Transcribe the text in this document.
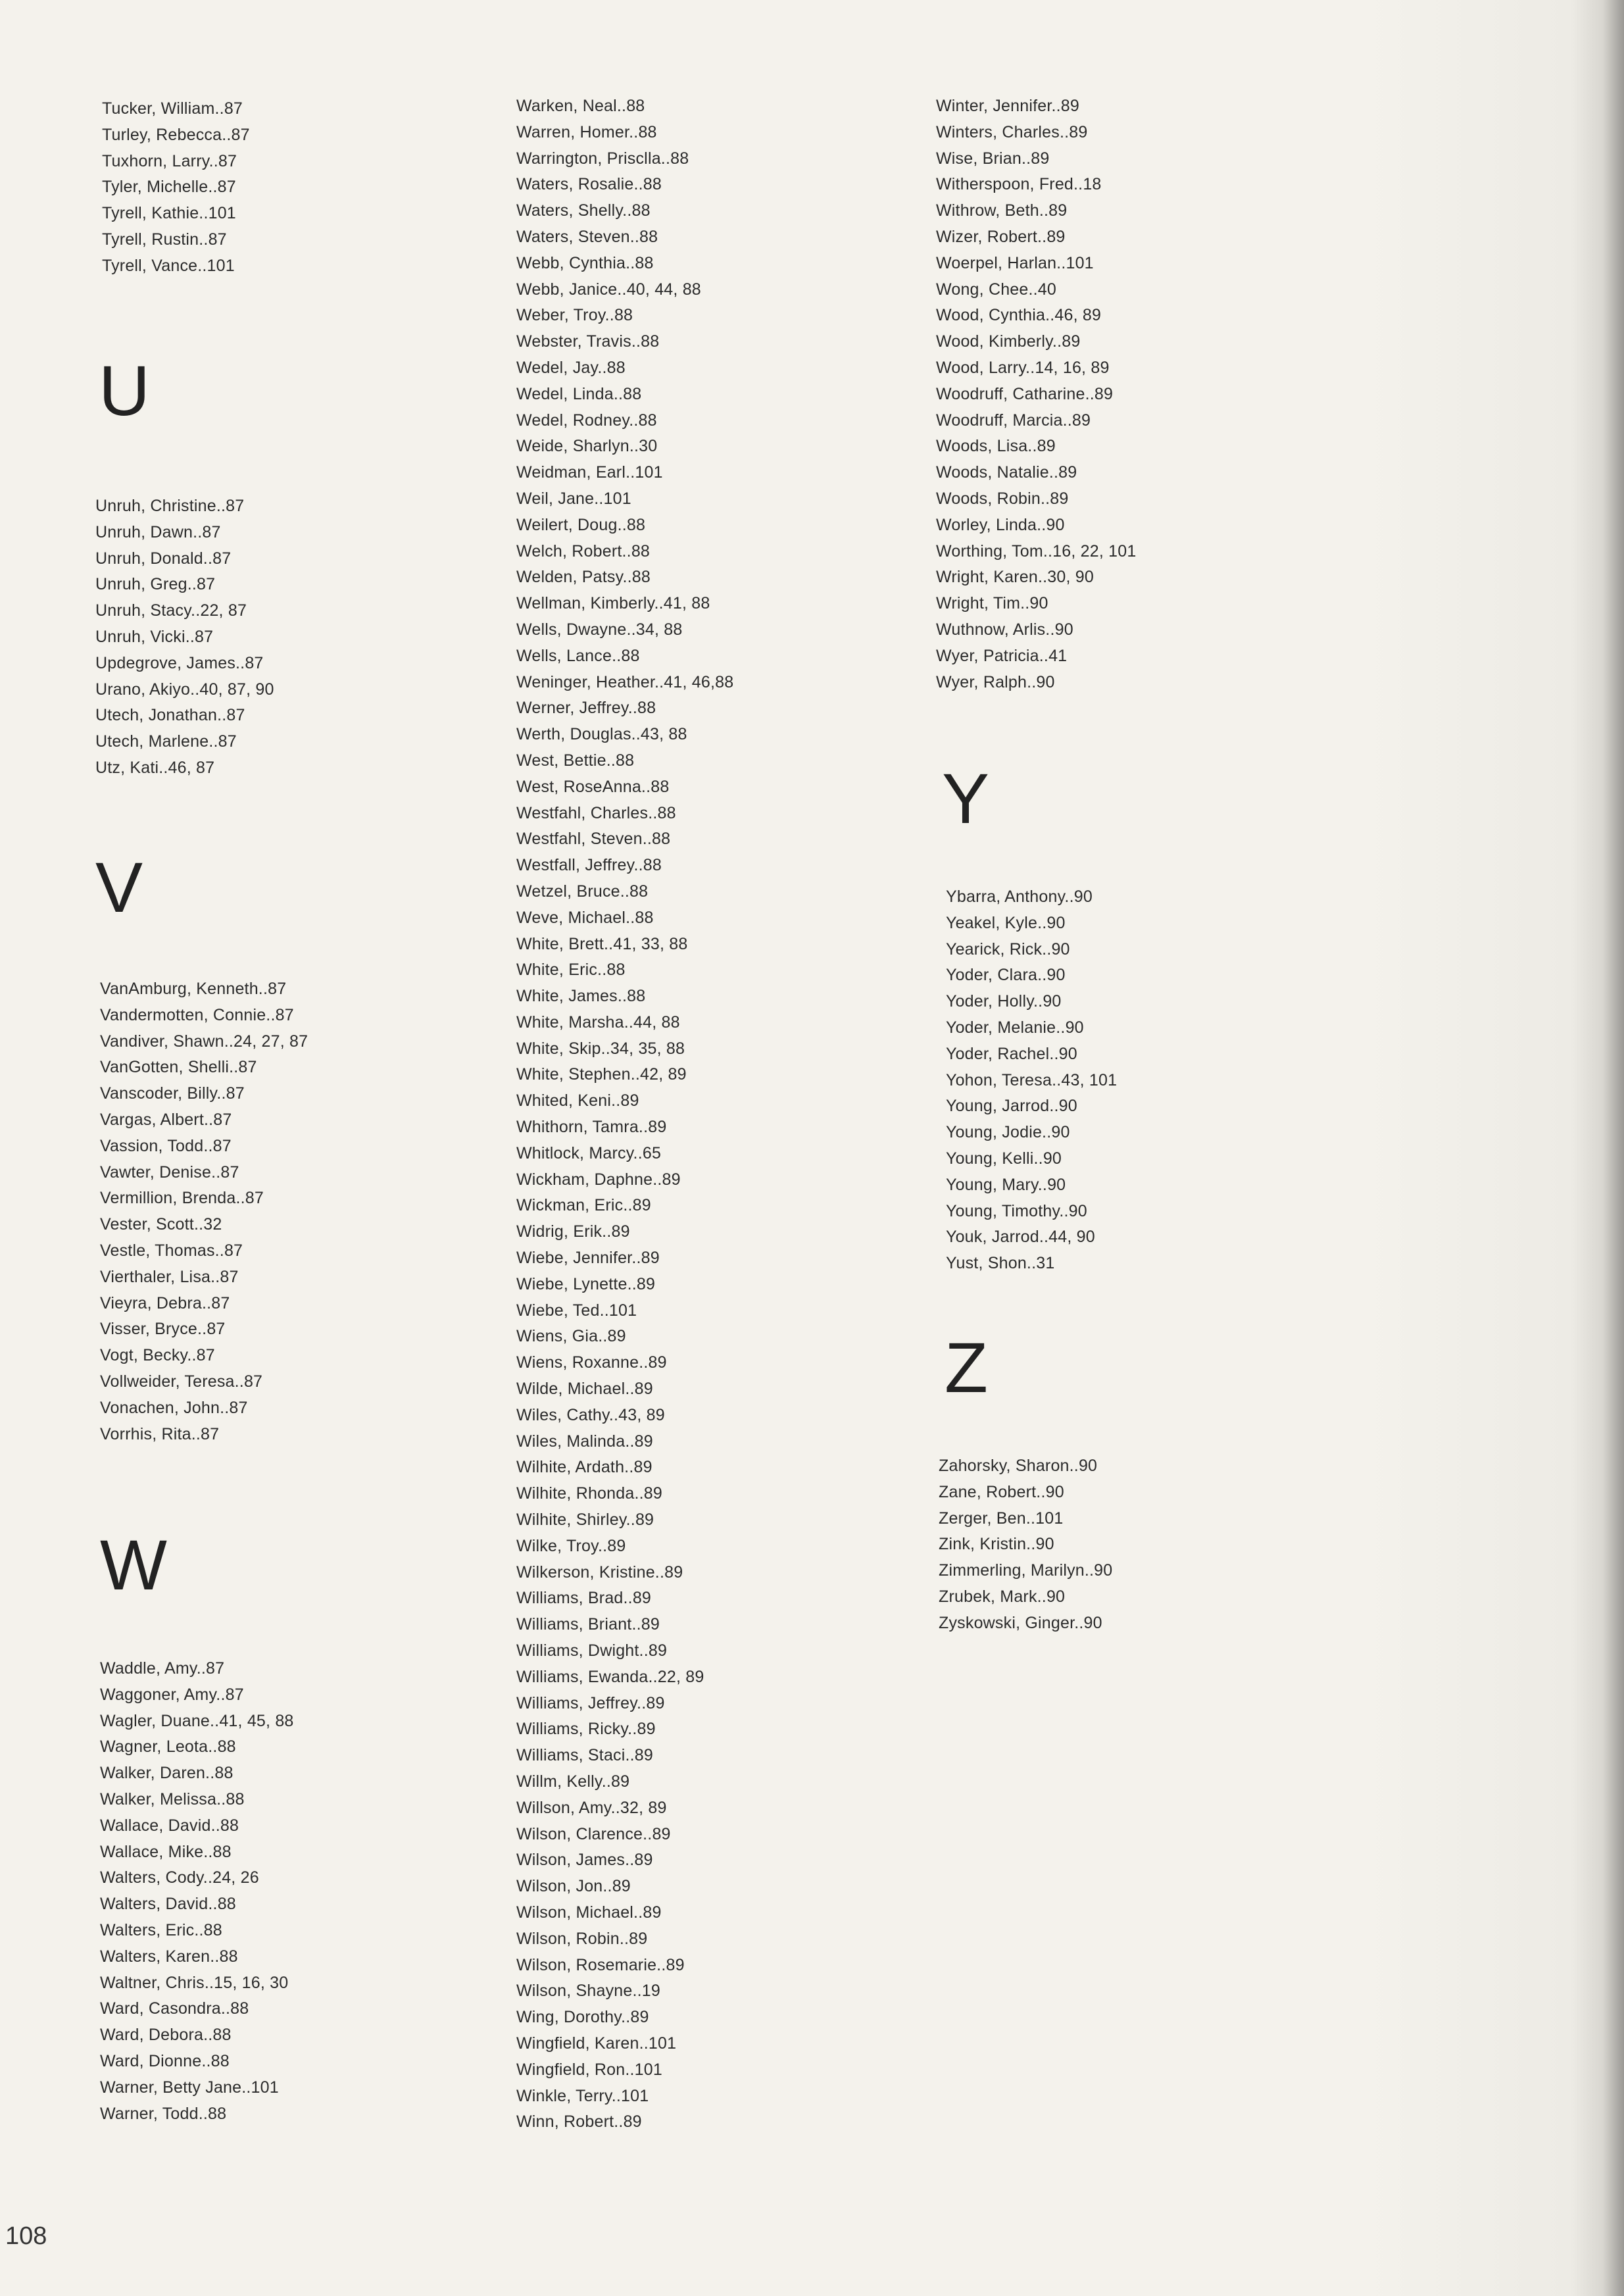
Tucker, William..87
Turley, Rebecca..87
Tuxhorn, Larry..87
Tyler, Michelle..87
Tyrell, Kathie..101
Tyrell, Rustin..87
Tyrell, Vance..101
U
Unruh, Christine..87
Unruh, Dawn..87
Unruh, Donald..87
Unruh, Greg..87
Unruh, Stacy..22, 87
Unruh, Vicki..87
Updegrove, James..87
Urano, Akiyo..40, 87, 90
Utech, Jonathan..87
Utech, Marlene..87
Utz, Kati..46, 87
V
VanAmburg, Kenneth..87
Vandermotten, Connie..87
Vandiver, Shawn..24, 27, 87
VanGotten, Shelli..87
Vanscoder, Billy..87
Vargas, Albert..87
Vassion, Todd..87
Vawter, Denise..87
Vermillion, Brenda..87
Vester, Scott..32
Vestle, Thomas..87
Vierthaler, Lisa..87
Vieyra, Debra..87
Visser, Bryce..87
Vogt, Becky..87
Vollweider, Teresa..87
Vonachen, John..87
Vorrhis, Rita..87
W
Waddle, Amy..87
Waggoner, Amy..87
Wagler, Duane..41, 45, 88
Wagner, Leota..88
Walker, Daren..88
Walker, Melissa..88
Wallace, David..88
Wallace, Mike..88
Walters, Cody..24, 26
Walters, David..88
Walters, Eric..88
Walters, Karen..88
Waltner, Chris..15, 16, 30
Ward, Casondra..88
Ward, Debora..88
Ward, Dionne..88
Warner, Betty Jane..101
Warner, Todd..88
Warken, Neal..88
Warren, Homer..88
Warrington, Prisclla..88
Waters, Rosalie..88
Waters, Shelly..88
Waters, Steven..88
Webb, Cynthia..88
Webb, Janice..40, 44, 88
Weber, Troy..88
Webster, Travis..88
Wedel, Jay..88
Wedel, Linda..88
Wedel, Rodney..88
Weide, Sharlyn..30
Weidman, Earl..101
Weil, Jane..101
Weilert, Doug..88
Welch, Robert..88
Welden, Patsy..88
Wellman, Kimberly..41, 88
Wells, Dwayne..34, 88
Wells, Lance..88
Weninger, Heather..41, 46,88
Werner, Jeffrey..88
Werth, Douglas..43, 88
West, Bettie..88
West, RoseAnna..88
Westfahl, Charles..88
Westfahl, Steven..88
Westfall, Jeffrey..88
Wetzel, Bruce..88
Weve, Michael..88
White, Brett..41, 33, 88
White, Eric..88
White, James..88
White, Marsha..44, 88
White, Skip..34, 35, 88
White, Stephen..42, 89
Whited, Keni..89
Whithorn, Tamra..89
Whitlock, Marcy..65
Wickham, Daphne..89
Wickman, Eric..89
Widrig, Erik..89
Wiebe, Jennifer..89
Wiebe, Lynette..89
Wiebe, Ted..101
Wiens, Gia..89
Wiens, Roxanne..89
Wilde, Michael..89
Wiles, Cathy..43, 89
Wiles, Malinda..89
Wilhite, Ardath..89
Wilhite, Rhonda..89
Wilhite, Shirley..89
Wilke, Troy..89
Wilkerson, Kristine..89
Williams, Brad..89
Williams, Briant..89
Williams, Dwight..89
Williams, Ewanda..22, 89
Williams, Jeffrey..89
Williams, Ricky..89
Williams, Staci..89
Willm, Kelly..89
Willson, Amy..32, 89
Wilson, Clarence..89
Wilson, James..89
Wilson, Jon..89
Wilson, Michael..89
Wilson, Robin..89
Wilson, Rosemarie..89
Wilson, Shayne..19
Wing, Dorothy..89
Wingfield, Karen..101
Wingfield, Ron..101
Winkle, Terry..101
Winn, Robert..89
Winter, Jennifer..89
Winters, Charles..89
Wise, Brian..89
Witherspoon, Fred..18
Withrow, Beth..89
Wizer, Robert..89
Woerpel, Harlan..101
Wong, Chee..40
Wood, Cynthia..46, 89
Wood, Kimberly..89
Wood, Larry..14, 16, 89
Woodruff, Catharine..89
Woodruff, Marcia..89
Woods, Lisa..89
Woods, Natalie..89
Woods, Robin..89
Worley, Linda..90
Worthing, Tom..16, 22, 101
Wright, Karen..30, 90
Wright, Tim..90
Wuthnow, Arlis..90
Wyer, Patricia..41
Wyer, Ralph..90
Y
Ybarra, Anthony..90
Yeakel, Kyle..90
Yearick, Rick..90
Yoder, Clara..90
Yoder, Holly..90
Yoder, Melanie..90
Yoder, Rachel..90
Yohon, Teresa..43, 101
Young, Jarrod..90
Young, Jodie..90
Young, Kelli..90
Young, Mary..90
Young, Timothy..90
Youk, Jarrod..44, 90
Yust, Shon..31
Z
Zahorsky, Sharon..90
Zane, Robert..90
Zerger, Ben..101
Zink, Kristin..90
Zimmerling, Marilyn..90
Zrubek, Mark..90
Zyskowski, Ginger..90
108
